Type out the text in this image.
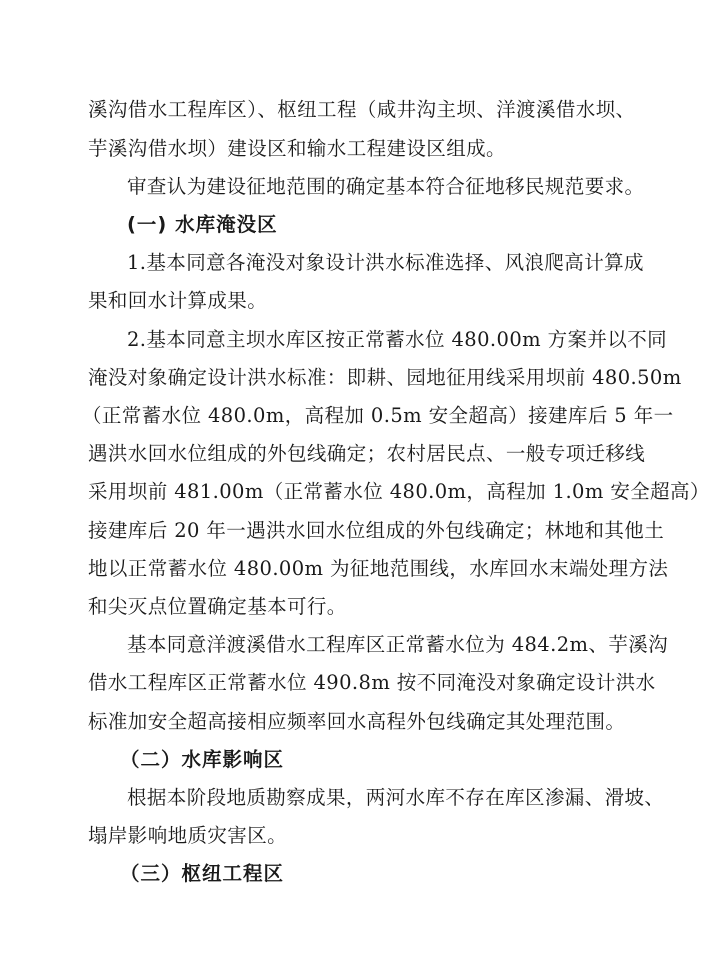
溪沟借水工程库区）、枢纽工程（咸井沟主坝、洋渡溪借水坝、
芋溪沟借水坝）建设区和输水工程建设区组成。
审查认为建设征地范围的确定基本符合征地移民规范要求。
(一) 水库淹没区
1.基本同意各淹没对象设计洪水标准选择、风浪爬高计算成
果和回水计算成果。
2.基本同意主坝水库区按正常蓄水位 480.00m 方案并以不同
淹没对象确定设计洪水标准：即耕、园地征用线采用坝前 480.50m
（正常蓄水位 480.0m，高程加 0.5m 安全超高）接建库后 5 年一
遇洪水回水位组成的外包线确定；农村居民点、一般专项迁移线
采用坝前 481.00m（正常蓄水位 480.0m，高程加 1.0m 安全超高）
接建库后 20 年一遇洪水回水位组成的外包线确定；林地和其他土
地以正常蓄水位 480.00m 为征地范围线，水库回水末端处理方法
和尖灭点位置确定基本可行。
基本同意洋渡溪借水工程库区正常蓄水位为 484.2m、芋溪沟
借水工程库区正常蓄水位 490.8m 按不同淹没对象确定设计洪水
标准加安全超高接相应频率回水高程外包线确定其处理范围。
（二）水库影响区
根据本阶段地质勘察成果，两河水库不存在库区渗漏、滑坡、
塌岸影响地质灾害区。
（三）枢纽工程区
